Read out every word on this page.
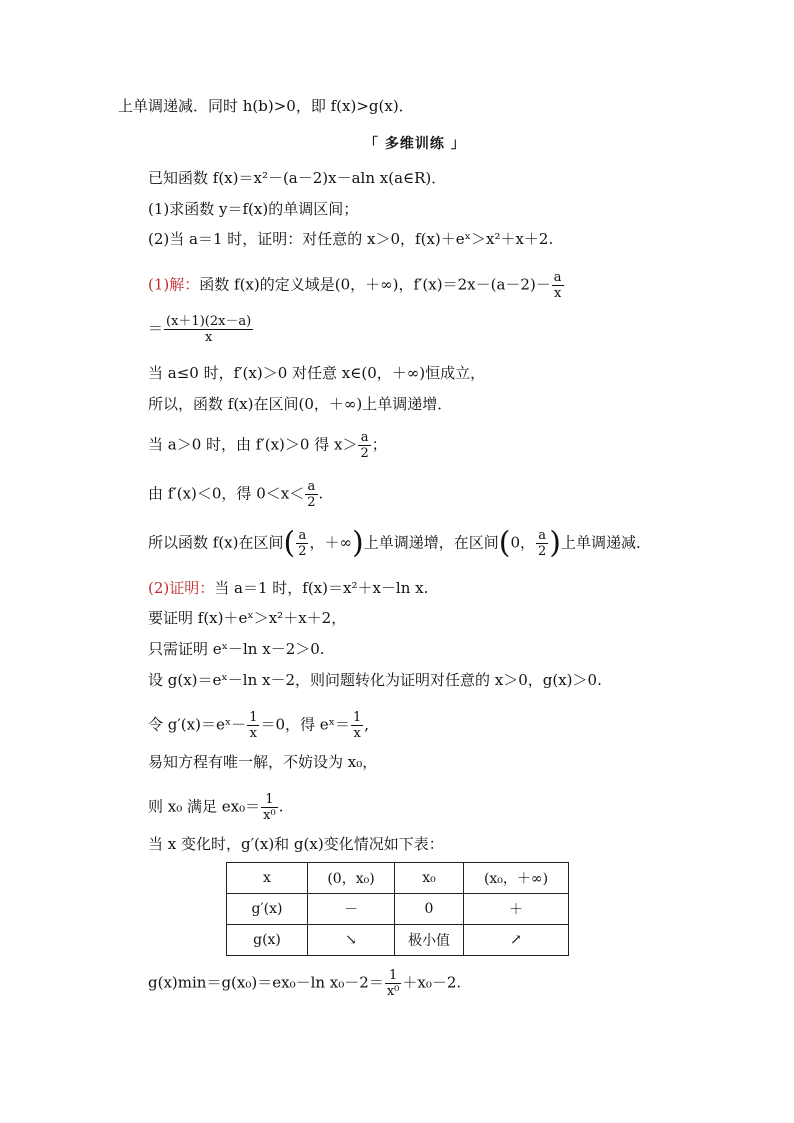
上单调递减．同时 h(b)>0，即 f(x)>g(x)．
「 多维训练 」
已知函数 f(x)＝x²－(a－2)x－aln x(a∈R)．
(1)求函数 y＝f(x)的单调区间；
(2)当 a＝1 时，证明：对任意的 x＞0，f(x)＋eˣ＞x²＋x＋2.
(1)解：函数 f(x)的定义域是(0，＋∞)，$f'(x)=2x-(a-2)- \frac{a}{x}$
＝ $\frac{(x+1)(2x-a)}{x}$
当 a≤0 时，f′(x)＞0 对任意 x∈(0，＋∞)恒成立，
所以，函数 f(x)在区间(0，＋∞)上单调递增．
当 a＞0 时，由 f′(x)＞0 得 $x> \frac{a}{2}$ ；
由 f′(x)＜0，得 $0<x< \frac{a}{2}$ .
所以函数 f(x)在区间( $\frac{a}{2}$ ，＋∞)上单调递增，在区间(0， $\frac{a}{2}$ )上单调递减．
(2)证明：当 a＝1 时，f(x)＝x²＋x－ln x.
要证明 f(x)＋eˣ＞x²＋x＋2，
只需证明 eˣ－ln x－2＞0.
设 g(x)＝eˣ－ln x－2，则问题转化为证明对任意的 x＞0，g(x)＞0.
令 g′(x)＝eˣ－ $\frac{1}{x} =0$，得 eˣ＝ $\frac{1}{x}$ ,
易知方程有唯一解，不妨设为 x₀，
则 x₀ 满足 $ex_0= \frac{1}{\text{x⁰}}$ .
当 x 变化时，g′(x)和 g(x)变化情况如下表：
x	(0，x₀)	x₀	(x₀，＋∞)
g′(x)	－	0	＋
g(x)	↘	极小值	↗
g(x)min＝g(x₀)＝ex₀－ln $x_0-2= \frac{1}{\text{x⁰}} +x_0-2$.
